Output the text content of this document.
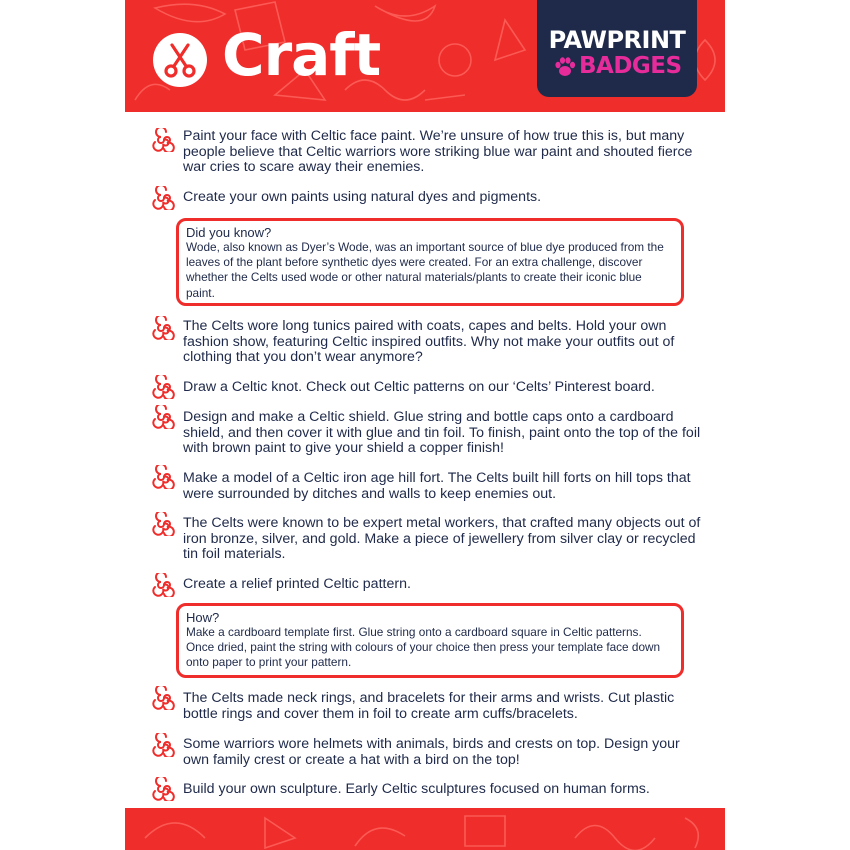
Craft	PAWPRINT
BADGES
Paint your face with Celtic face paint. We’re unsure of how true this is, but many people believe that Celtic warriors wore striking blue war paint and shouted fierce war cries to scare away their enemies.
Create your own paints using natural dyes and pigments.
Did you know?
Wode, also known as Dyer’s Wode, was an important source of blue dye produced from the leaves of the plant before synthetic dyes were created. For an extra challenge, discover whether the Celts used wode or other natural materials/plants to create their iconic blue paint.
The Celts wore long tunics paired with coats, capes and belts. Hold your own fashion show, featuring Celtic inspired outfits. Why not make your outfits out of clothing that you don’t wear anymore?
Draw a Celtic knot. Check out Celtic patterns on our ‘Celts’ Pinterest board.
Design and make a Celtic shield. Glue string and bottle caps onto a cardboard shield, and then cover it with glue and tin foil. To finish, paint onto the top of the foil with brown paint to give your shield a copper finish!
Make a model of a Celtic iron age hill fort. The Celts built hill forts on hill tops that were surrounded by ditches and walls to keep enemies out.
The Celts were known to be expert metal workers, that crafted many objects out of iron bronze, silver, and gold. Make a piece of jewellery from silver clay or recycled tin foil materials.
Create a relief printed Celtic pattern.
How?
Make a cardboard template first. Glue string onto a cardboard square in Celtic patterns. Once dried, paint the string with colours of your choice then press your template face down onto paper to print your pattern.
The Celts made neck rings, and bracelets for their arms and wrists. Cut plastic bottle rings and cover them in foil to create arm cuffs/bracelets.
Some warriors wore helmets with animals, birds and crests on top. Design your own family crest or create a hat with a bird on the top!
Build your own sculpture. Early Celtic sculptures focused on human forms.
